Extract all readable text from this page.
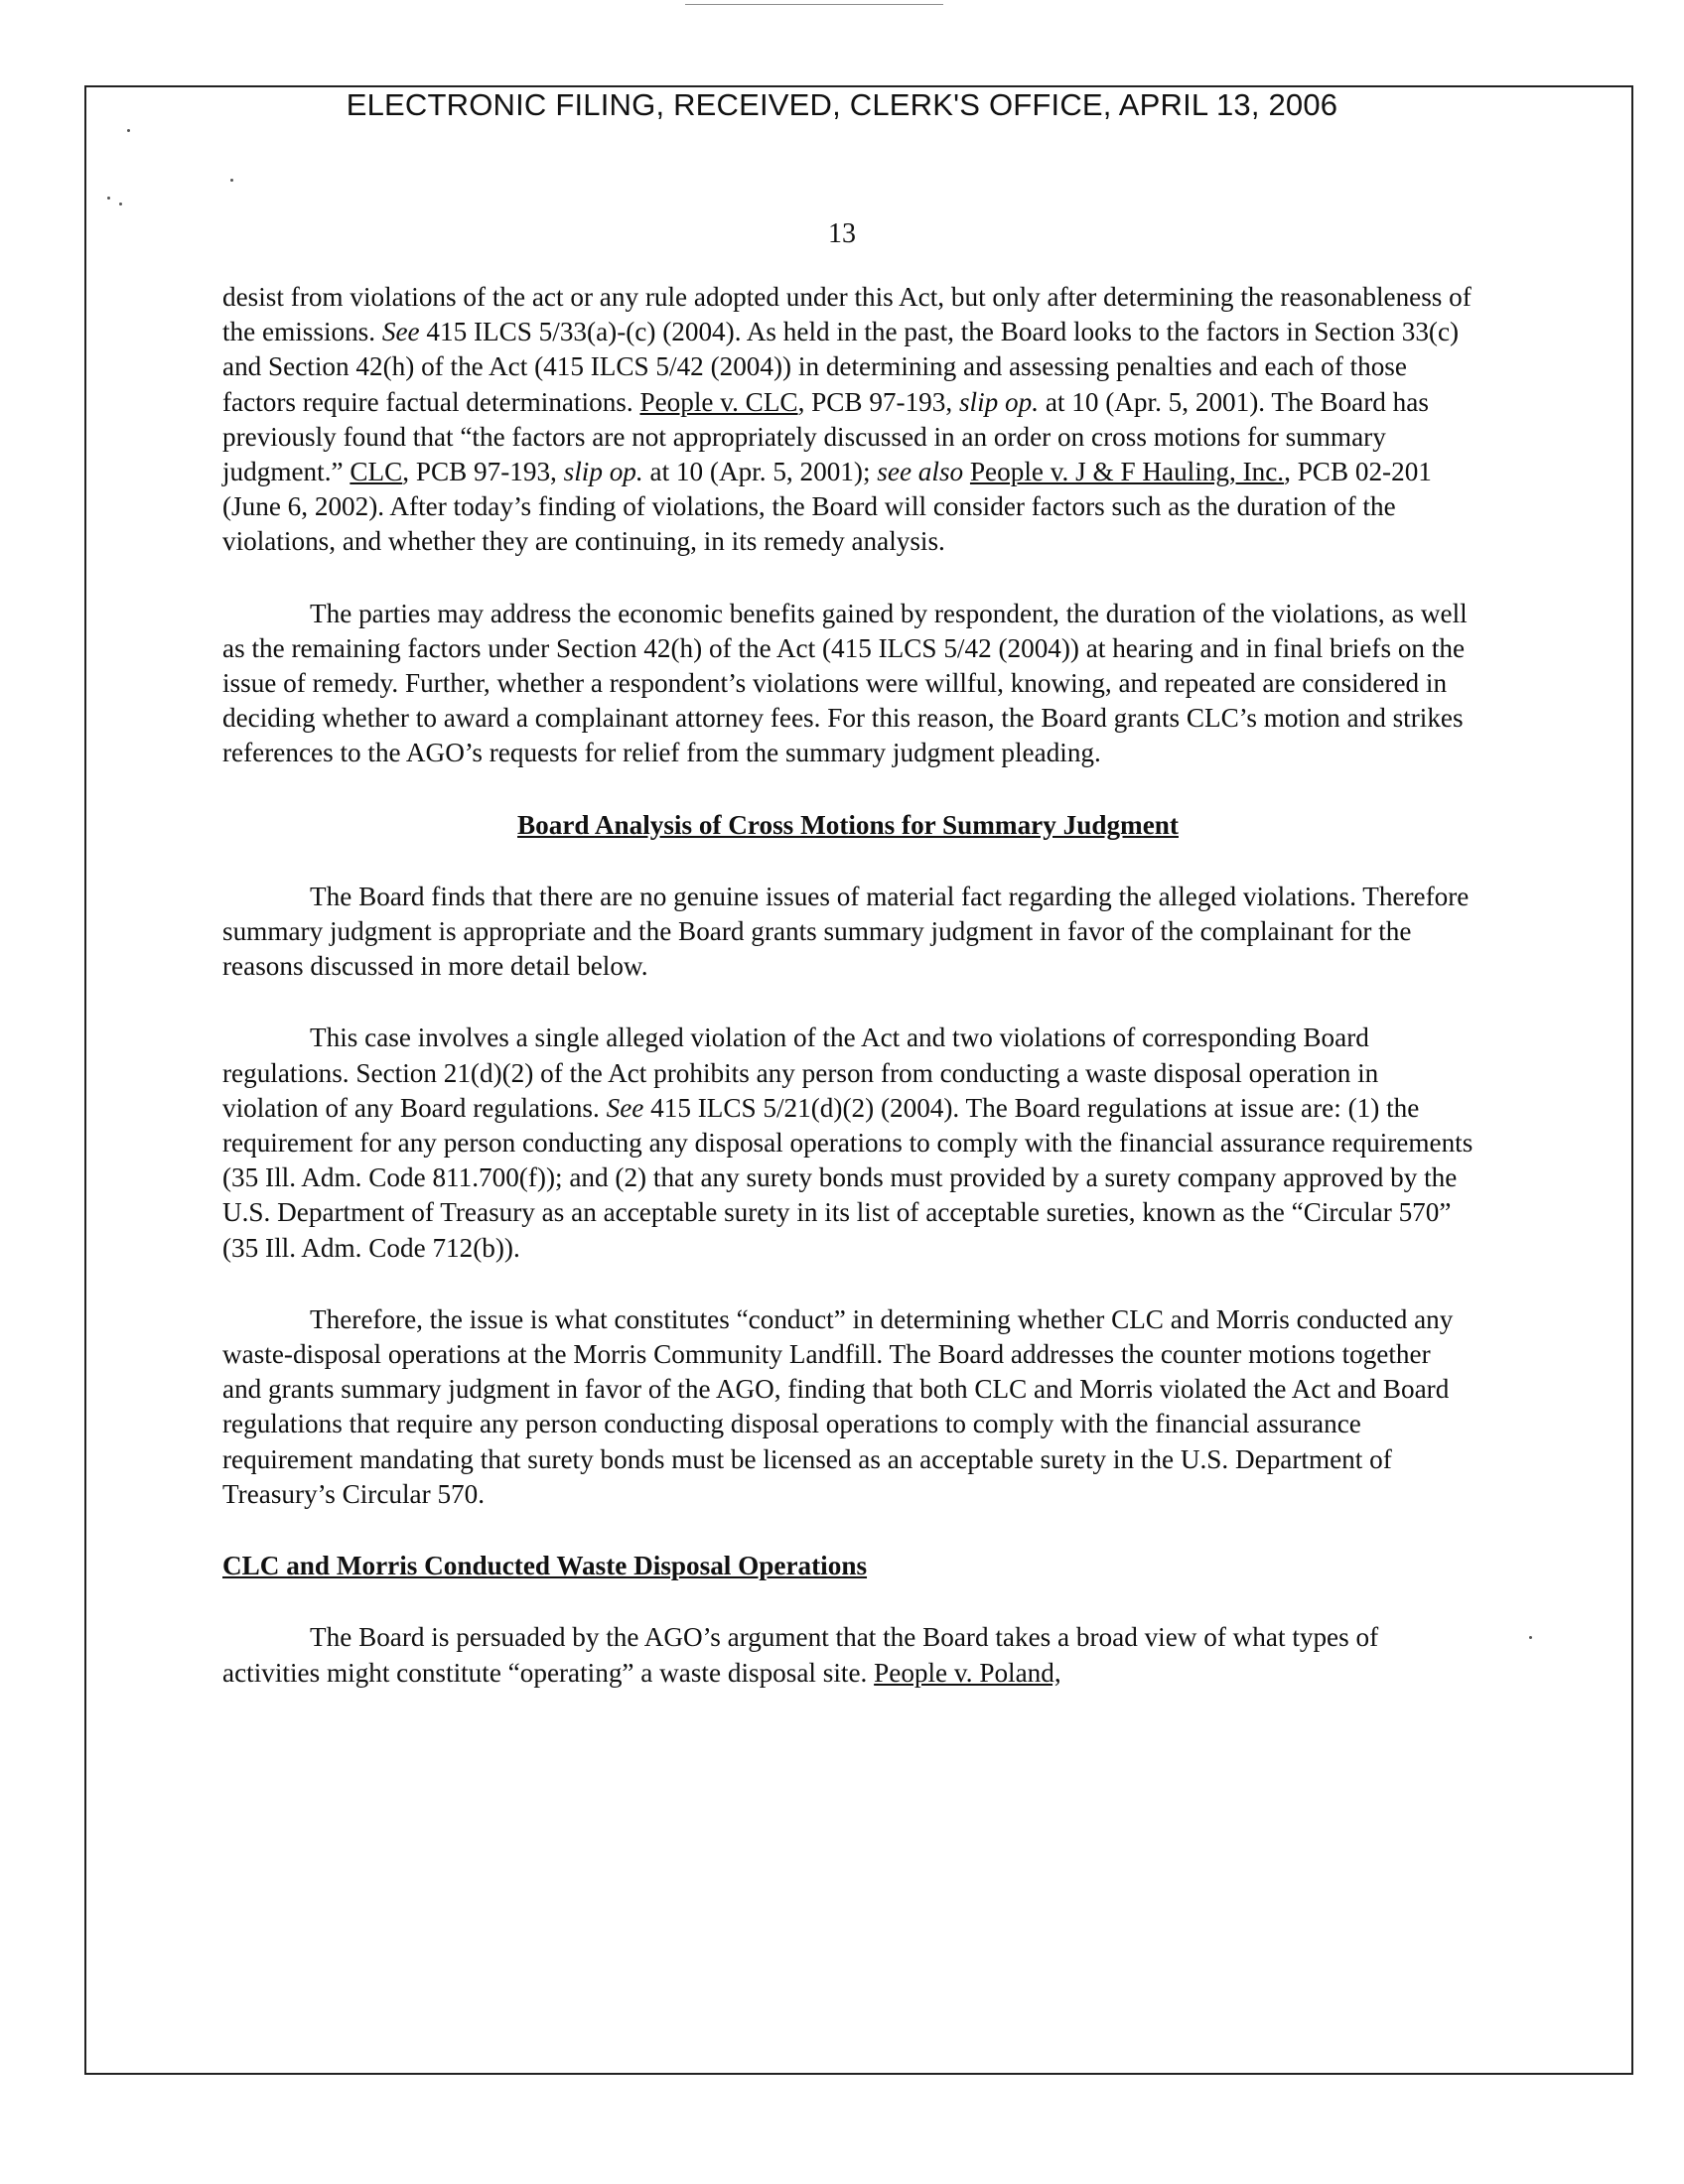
ELECTRONIC FILING, RECEIVED, CLERK'S OFFICE, APRIL 13, 2006
13

desist from violations of the act or any rule adopted under this Act, but only after determining the reasonableness of the emissions. See 415 ILCS 5/33(a)-(c) (2004). As held in the past, the Board looks to the factors in Section 33(c) and Section 42(h) of the Act (415 ILCS 5/42 (2004)) in determining and assessing penalties and each of those factors require factual determinations. People v. CLC, PCB 97-193, slip op. at 10 (Apr. 5, 2001). The Board has previously found that “the factors are not appropriately discussed in an order on cross motions for summary judgment.” CLC, PCB 97-193, slip op. at 10 (Apr. 5, 2001); see also People v. J & F Hauling, Inc., PCB 02-201 (June 6, 2002). After today’s finding of violations, the Board will consider factors such as the duration of the violations, and whether they are continuing, in its remedy analysis.

The parties may address the economic benefits gained by respondent, the duration of the violations, as well as the remaining factors under Section 42(h) of the Act (415 ILCS 5/42 (2004)) at hearing and in final briefs on the issue of remedy. Further, whether a respondent’s violations were willful, knowing, and repeated are considered in deciding whether to award a complainant attorney fees. For this reason, the Board grants CLC’s motion and strikes references to the AGO’s requests for relief from the summary judgment pleading.

Board Analysis of Cross Motions for Summary Judgment

The Board finds that there are no genuine issues of material fact regarding the alleged violations. Therefore summary judgment is appropriate and the Board grants summary judgment in favor of the complainant for the reasons discussed in more detail below.

This case involves a single alleged violation of the Act and two violations of corresponding Board regulations. Section 21(d)(2) of the Act prohibits any person from conducting a waste disposal operation in violation of any Board regulations. See 415 ILCS 5/21(d)(2) (2004). The Board regulations at issue are: (1) the requirement for any person conducting any disposal operations to comply with the financial assurance requirements (35 Ill. Adm. Code 811.700(f)); and (2) that any surety bonds must provided by a surety company approved by the U.S. Department of Treasury as an acceptable surety in its list of acceptable sureties, known as the “Circular 570” (35 Ill. Adm. Code 712(b)).

Therefore, the issue is what constitutes “conduct” in determining whether CLC and Morris conducted any waste-disposal operations at the Morris Community Landfill. The Board addresses the counter motions together and grants summary judgment in favor of the AGO, finding that both CLC and Morris violated the Act and Board regulations that require any person conducting disposal operations to comply with the financial assurance requirement mandating that surety bonds must be licensed as an acceptable surety in the U.S. Department of Treasury’s Circular 570.

CLC and Morris Conducted Waste Disposal Operations

The Board is persuaded by the AGO’s argument that the Board takes a broad view of what types of activities might constitute “operating” a waste disposal site. People v. Poland,
